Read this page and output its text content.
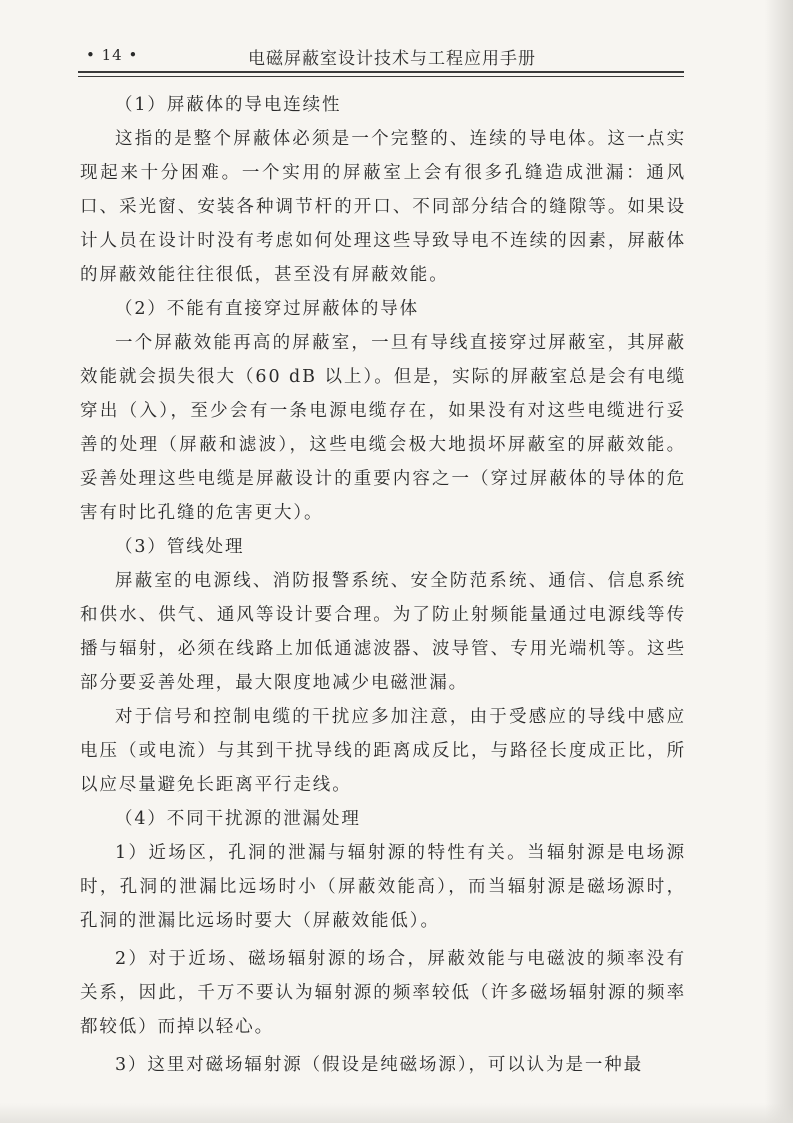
• 14 •	电磁屏蔽室设计技术与工程应用手册

（1）屏蔽体的导电连续性

这指的是整个屏蔽体必须是一个完整的、连续的导电体。这一点实现起来十分困难。一个实用的屏蔽室上会有很多孔缝造成泄漏：通风口、采光窗、安装各种调节杆的开口、不同部分结合的缝隙等。如果设计人员在设计时没有考虑如何处理这些导致导电不连续的因素，屏蔽体的屏蔽效能往往很低，甚至没有屏蔽效能。

（2）不能有直接穿过屏蔽体的导体

一个屏蔽效能再高的屏蔽室，一旦有导线直接穿过屏蔽室，其屏蔽效能就会损失很大（60 dB 以上）。但是，实际的屏蔽室总是会有电缆穿出（入），至少会有一条电源电缆存在，如果没有对这些电缆进行妥善的处理（屏蔽和滤波），这些电缆会极大地损坏屏蔽室的屏蔽效能。妥善处理这些电缆是屏蔽设计的重要内容之一（穿过屏蔽体的导体的危害有时比孔缝的危害更大）。

（3）管线处理

屏蔽室的电源线、消防报警系统、安全防范系统、通信、信息系统和供水、供气、通风等设计要合理。为了防止射频能量通过电源线等传播与辐射，必须在线路上加低通滤波器、波导管、专用光端机等。这些部分要妥善处理，最大限度地减少电磁泄漏。

对于信号和控制电缆的干扰应多加注意，由于受感应的导线中感应电压（或电流）与其到干扰导线的距离成反比，与路径长度成正比，所以应尽量避免长距离平行走线。

（4）不同干扰源的泄漏处理

1）近场区，孔洞的泄漏与辐射源的特性有关。当辐射源是电场源时，孔洞的泄漏比远场时小（屏蔽效能高），而当辐射源是磁场源时，孔洞的泄漏比远场时要大（屏蔽效能低）。

2）对于近场、磁场辐射源的场合，屏蔽效能与电磁波的频率没有关系，因此，千万不要认为辐射源的频率较低（许多磁场辐射源的频率都较低）而掉以轻心。

3）这里对磁场辐射源（假设是纯磁场源），可以认为是一种最
